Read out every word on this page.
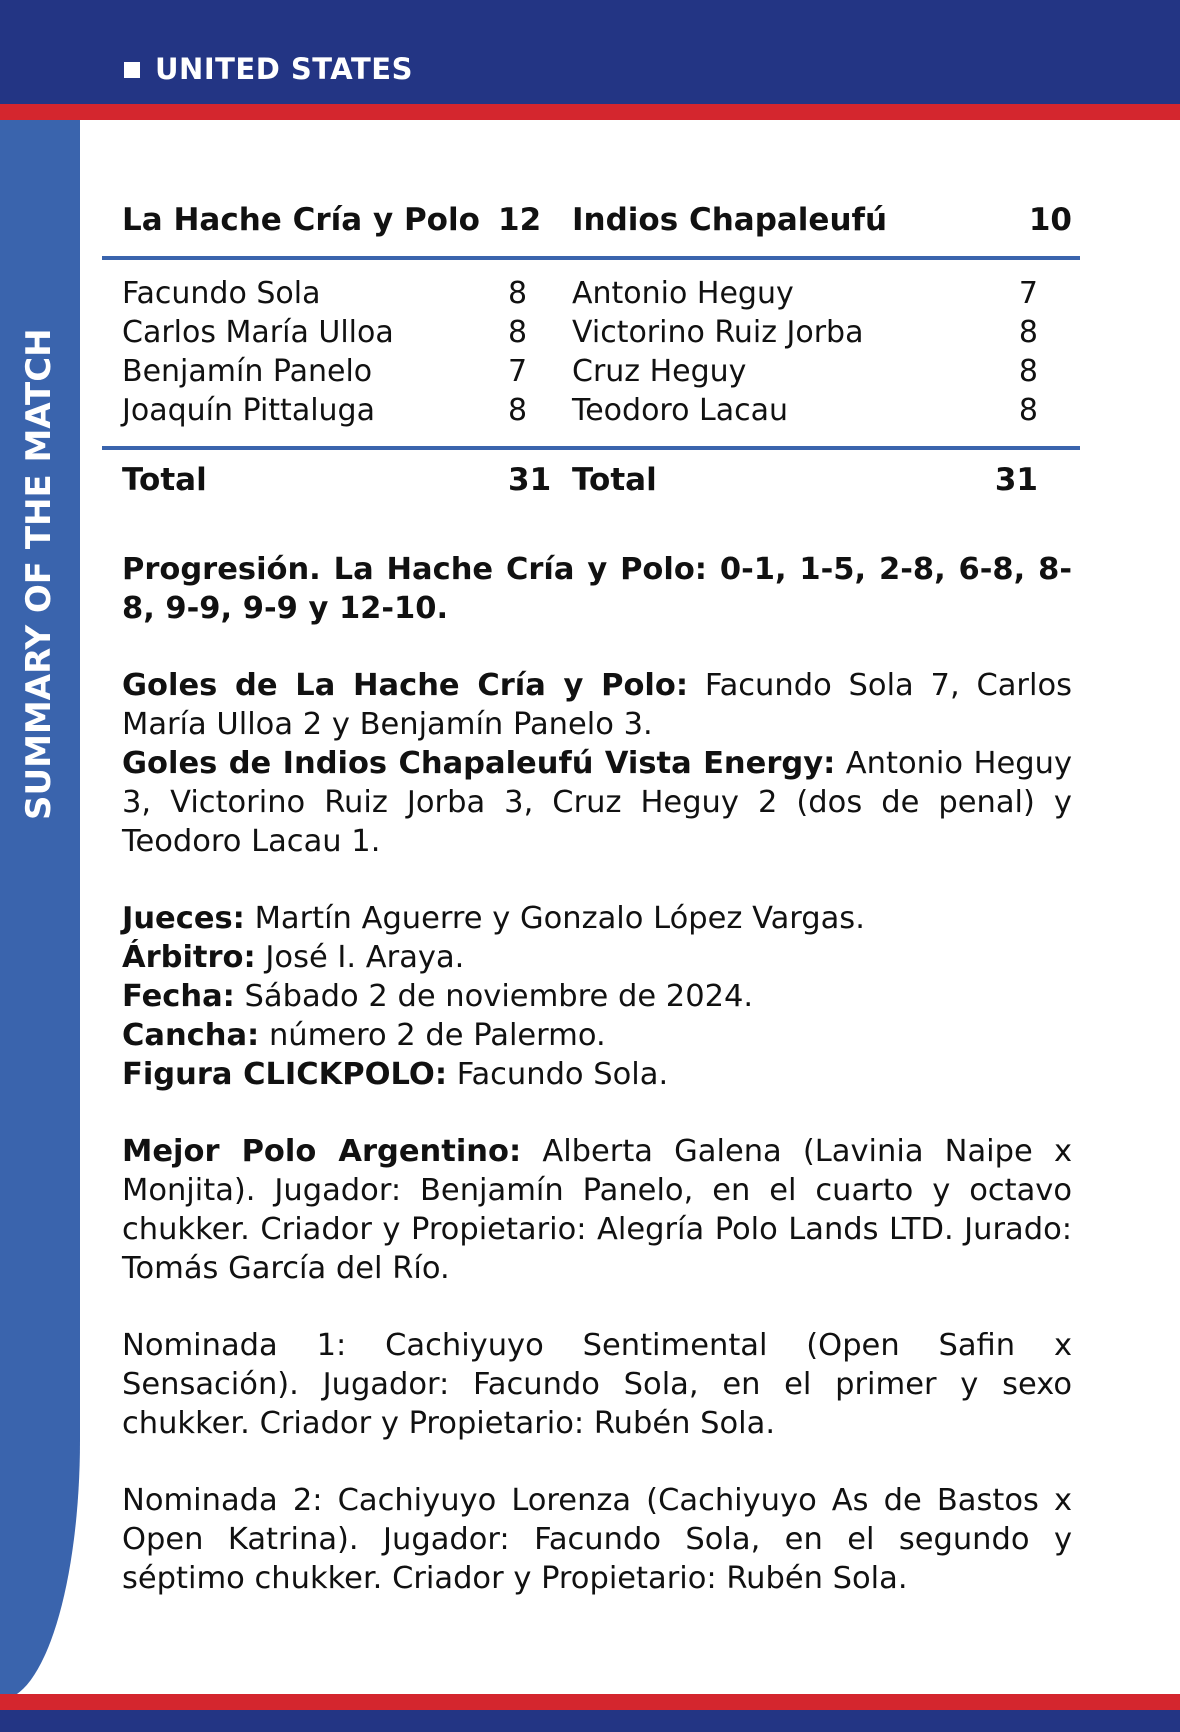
UNITED STATES
SUMMARY OF THE MATCH
La Hache Cría y Polo 12 Indios Chapaleufú	10
Facundo Sola	8	Antonio Heguy	7
Carlos María Ulloa	8	Victorino Ruiz Jorba	8
Benjamín Panelo	7	Cruz Heguy	8
Joaquín Pittaluga	8	Teodoro Lacau	8
Total	31 Total	31

Progresión. La Hache Cría y Polo: 0-1, 1-5, 2-8, 6-8, 8-8, 9-9, 9-9 y 12-10.

Goles de La Hache Cría y Polo: Facundo Sola 7, Carlos María Ulloa 2 y Benjamín Panelo 3.

Goles de Indios Chapaleufú Vista Energy: Antonio Heguy 3, Victorino Ruiz Jorba 3, Cruz Heguy 2 (dos de penal) y Teodoro Lacau 1.

Jueces: Martín Aguerre y Gonzalo López Vargas.

Árbitro: José I. Araya.

Fecha: Sábado 2 de noviembre de 2024.

Cancha: número 2 de Palermo.

Figura CLICKPOLO: Facundo Sola.

Mejor Polo Argentino: Alberta Galena (Lavinia Naipe x Monjita). Jugador: Benjamín Panelo, en el cuarto y octavo chukker. Criador y Propietario: Alegría Polo Lands LTD. Jurado: Tomás García del Río.

Nominada 1: Cachiyuyo Sentimental (Open Safin x Sensación). Jugador: Facundo Sola, en el primer y sexo chukker. Criador y Propietario: Rubén Sola.

Nominada 2: Cachiyuyo Lorenza (Cachiyuyo As de Bastos x Open Katrina). Jugador: Facundo Sola, en el segundo y séptimo chukker. Criador y Propietario: Rubén Sola.
